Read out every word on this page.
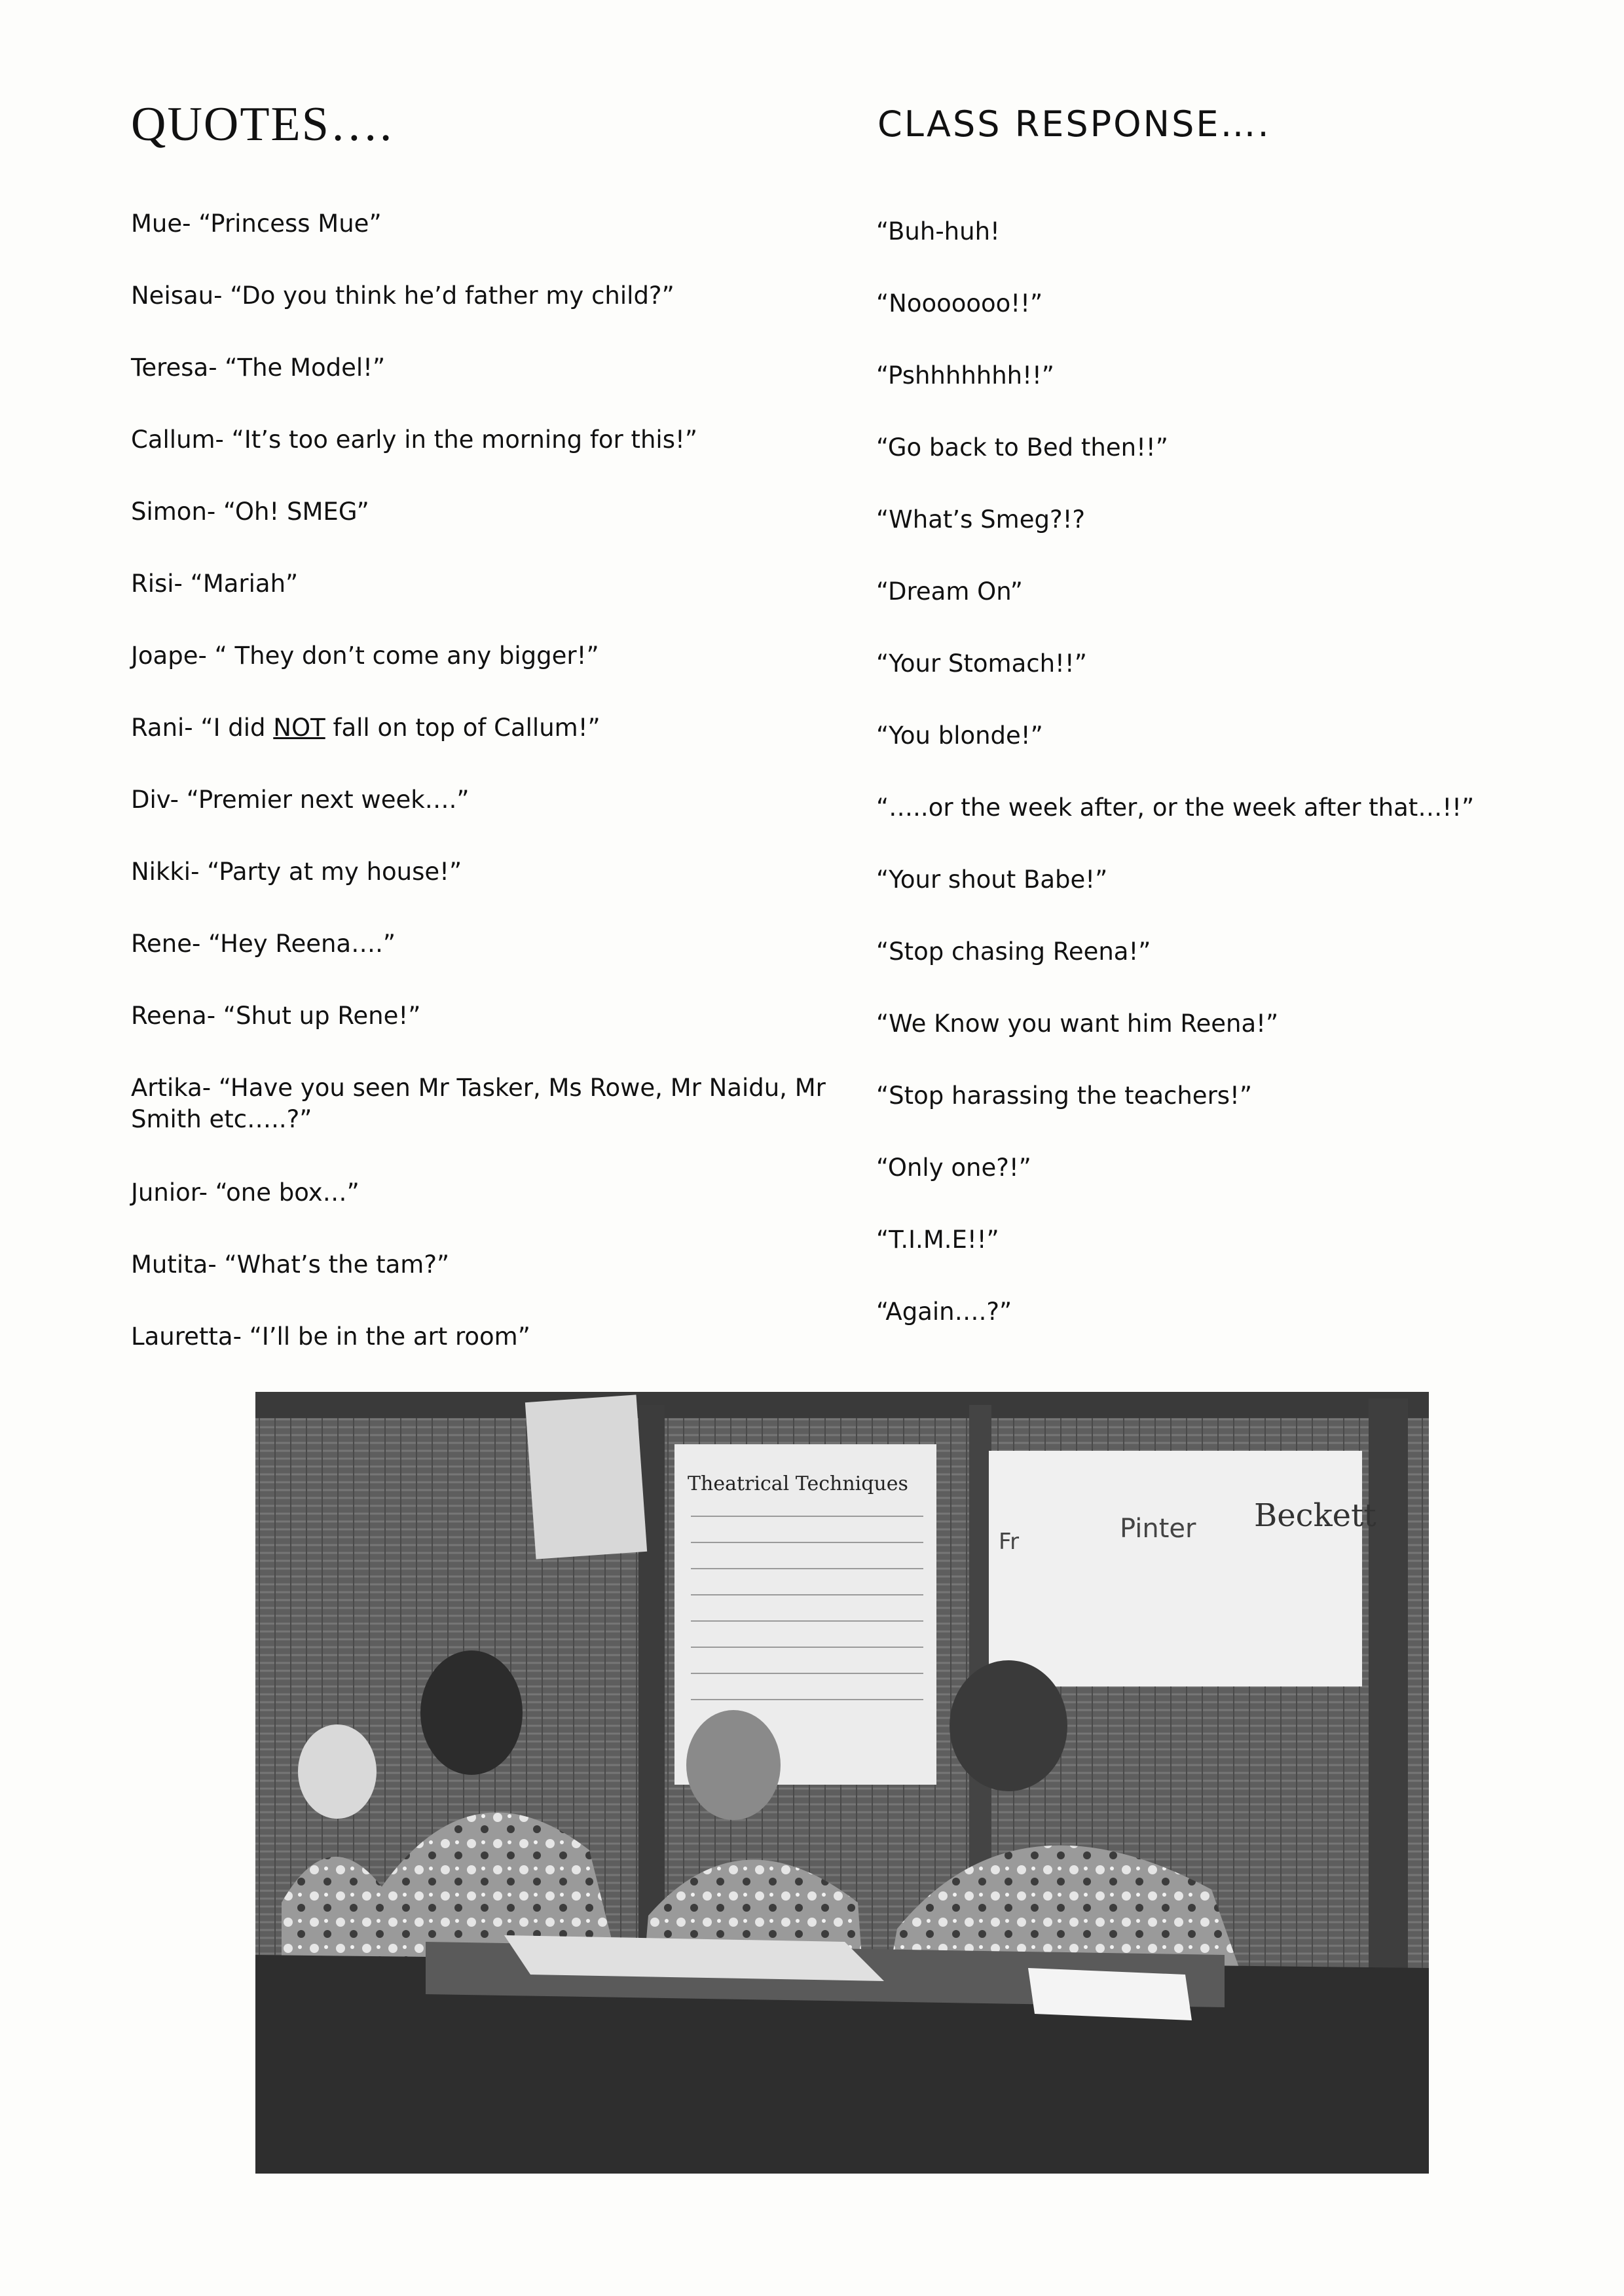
QUOTES….	CLASS RESPONSE….
Mue- “Princess Mue”
Neisau- “Do you think he’d father my child?”
Teresa- “The Model!”
Callum- “It’s too early in the morning for this!”
Simon- “Oh! SMEG”
Risi- “Mariah”
Joape- “ They don’t come any bigger!”
Rani- “I did NOT fall on top of Callum!”
Div- “Premier next week….”
Nikki- “Party at my house!”
Rene- “Hey Reena….”
Reena- “Shut up Rene!”
Artika- “Have you seen Mr Tasker, Ms Rowe, Mr Naidu, Mr Smith etc…..?”
Junior- “one box…”
Mutita- “What’s the tam?”
Lauretta- “I’ll be in the art room”
“Buh-huh!
“Nooooooo!!”
“Pshhhhhhh!!”
“Go back to Bed then!!”
“What’s Smeg?!?
“Dream On”
“Your Stomach!!”
“You blonde!”
“…..or the week after, or the week after that…!!”
“Your shout Babe!”
“Stop chasing Reena!”
“We Know you want him Reena!”
“Stop harassing the teachers!”
“Only one?!”
“T.I.M.E!!”
“Again….?”
Theatrical Techniques
Fr	Pinter Beckett
